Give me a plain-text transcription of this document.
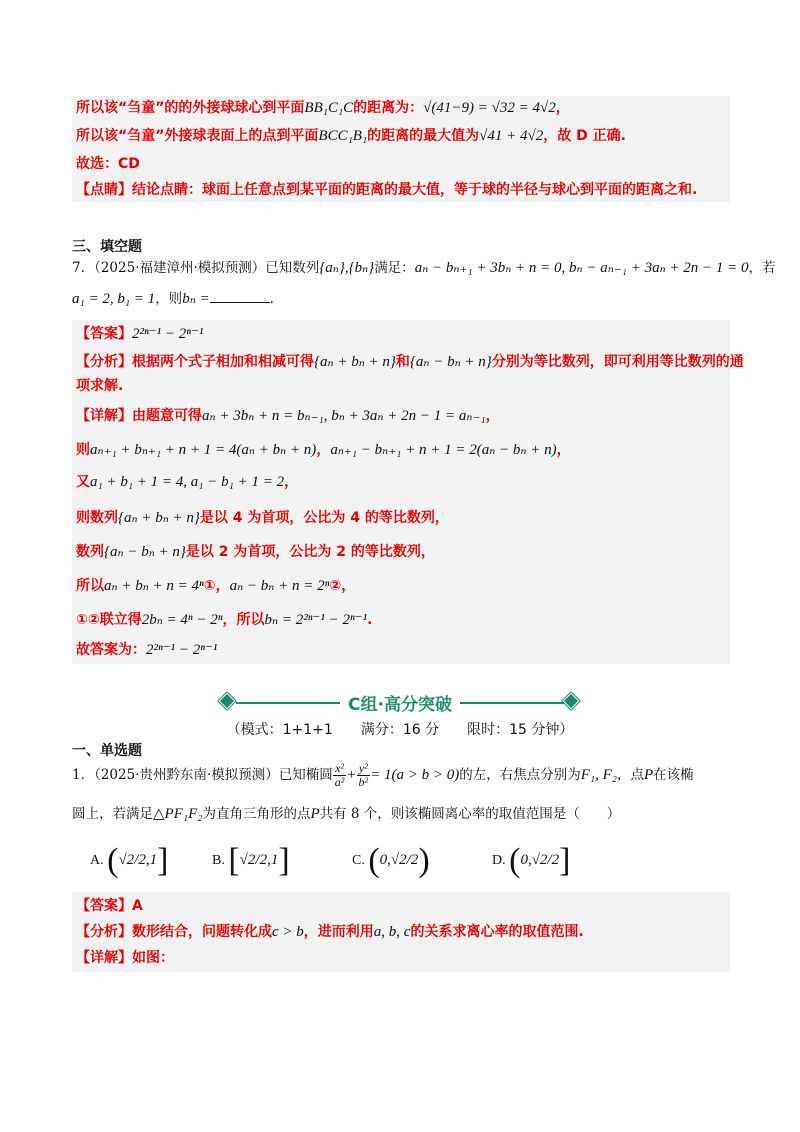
所以该“刍童”的的外接球球心到平面BB₁C₁C的距离为：√(41−9) = √32 = 4√2，
所以该“刍童”外接球表面上的点到平面BCC₁B₁的距离的最大值为√41 + 4√2，故 D 正确.
故选：CD
【点睛】结论点睛：球面上任意点到某平面的距离的最大值，等于球的半径与球心到平面的距离之和.
三、填空题
7．（2025·福建漳州·模拟预测）已知数列{aₙ},{bₙ}满足：aₙ − bₙ₊₁ + 3bₙ + n = 0, bₙ − aₙ₋₁ + 3aₙ + 2n − 1 = 0，若
a₁ = 2, b₁ = 1，则bₙ =	.
【答案】2²ⁿ⁻¹ − 2ⁿ⁻¹
【分析】根据两个式子相加和相减可得{aₙ + bₙ + n}和{aₙ − bₙ + n}分别为等比数列，即可利用等比数列的通
项求解.
【详解】由题意可得aₙ + 3bₙ + n = bₙ₋₁, bₙ + 3aₙ + 2n − 1 = aₙ₋₁，
则aₙ₊₁ + bₙ₊₁ + n + 1 = 4(aₙ + bₙ + n)，aₙ₊₁ − bₙ₊₁ + n + 1 = 2(aₙ − bₙ + n)，
又a₁ + b₁ + 1 = 4, a₁ − b₁ + 1 = 2，
则数列{aₙ + bₙ + n}是以 4 为首项，公比为 4 的等比数列，
数列{aₙ − bₙ + n}是以 2 为首项，公比为 2 的等比数列，
所以aₙ + bₙ + n = 4ⁿ①，aₙ − bₙ + n = 2ⁿ②，
①②联立得2bₙ = 4ⁿ − 2ⁿ，所以bₙ = 2²ⁿ⁻¹ − 2ⁿ⁻¹.
故答案为：2²ⁿ⁻¹ − 2ⁿ⁻¹
C组·高分突破
（模式：1+1+1　　满分：16 分　　限时：15 分钟）
一、单选题
1．（2025·贵州黔东南·模拟预测）已知椭圆 $\frac{\text{x²}}{\text{a²}} + \frac{\text{y²}}{\text{b²}} = 1(a > b > 0)$的左，右焦点分别为F₁, F₂，点P在该椭
圆上，若满足△PF₁F₂为直角三角形的点P共有 8 个，则该椭圆离心率的取值范围是（　　）
A. (√2/2,1]	B. [√2/2,1]	C. (0,√2/2)	D. (0,√2/2]
【答案】A
【分析】数形结合，问题转化成c > b，进而利用a, b, c的关系求离心率的取值范围.
【详解】如图：
